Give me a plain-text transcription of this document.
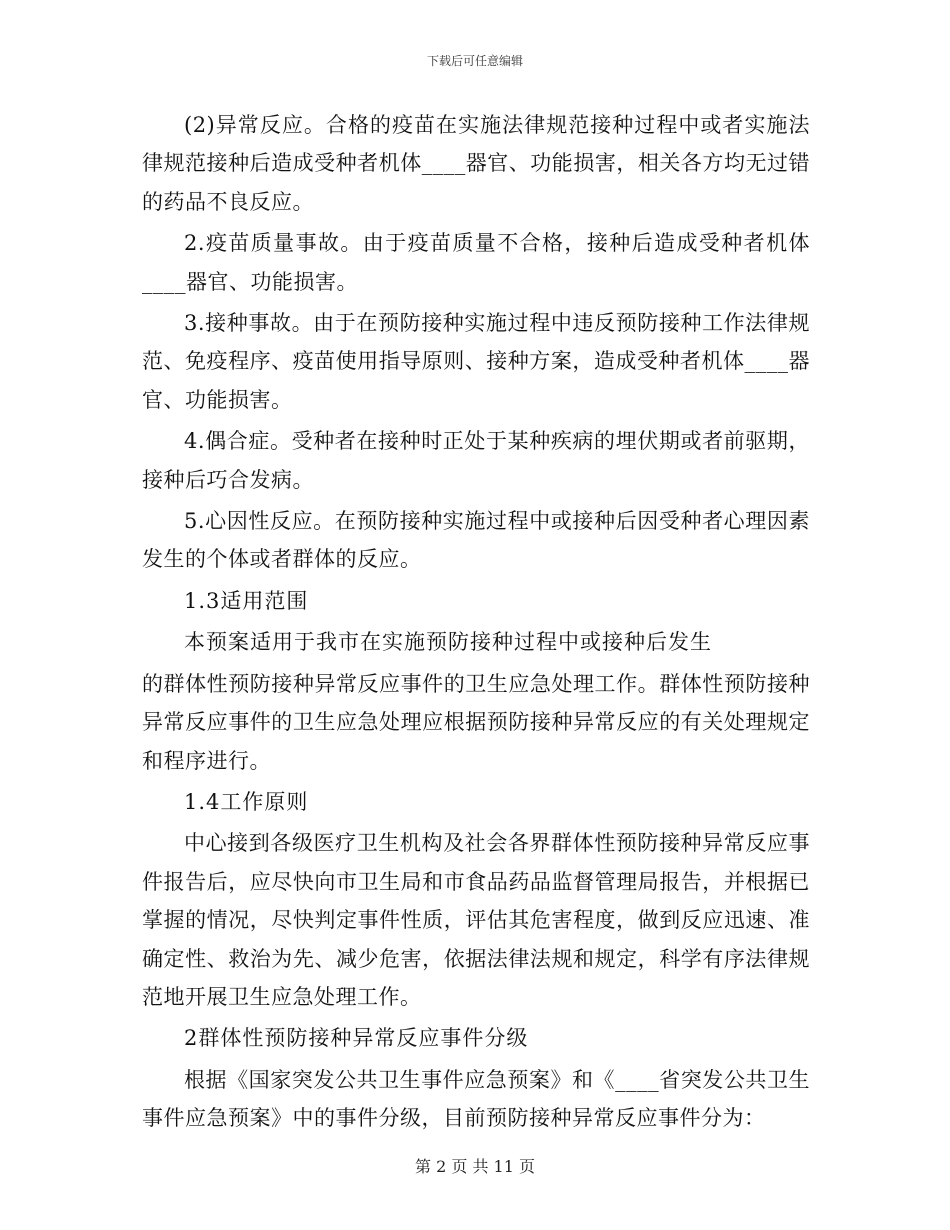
下载后可任意编辑

(2)异常反应。合格的疫苗在实施法律规范接种过程中或者实施法律规范接种后造成受种者机体____器官、功能损害，相关各方均无过错的药品不良反应。

2.疫苗质量事故。由于疫苗质量不合格，接种后造成受种者机体____器官、功能损害。

3.接种事故。由于在预防接种实施过程中违反预防接种工作法律规范、免疫程序、疫苗使用指导原则、接种方案，造成受种者机体____器官、功能损害。

4.偶合症。受种者在接种时正处于某种疾病的埋伏期或者前驱期，接种后巧合发病。

5.心因性反应。在预防接种实施过程中或接种后因受种者心理因素发生的个体或者群体的反应。

1.3适用范围

本预案适用于我市在实施预防接种过程中或接种后发生

的群体性预防接种异常反应事件的卫生应急处理工作。群体性预防接种异常反应事件的卫生应急处理应根据预防接种异常反应的有关处理规定和程序进行。

1.4工作原则

中心接到各级医疗卫生机构及社会各界群体性预防接种异常反应事件报告后，应尽快向市卫生局和市食品药品监督管理局报告，并根据已掌握的情况，尽快判定事件性质，评估其危害程度，做到反应迅速、准确定性、救治为先、减少危害，依据法律法规和规定，科学有序法律规范地开展卫生应急处理工作。

2群体性预防接种异常反应事件分级

根据《国家突发公共卫生事件应急预案》和《____省突发公共卫生事件应急预案》中的事件分级，目前预防接种异常反应事件分为：

第 2 页 共 11 页
